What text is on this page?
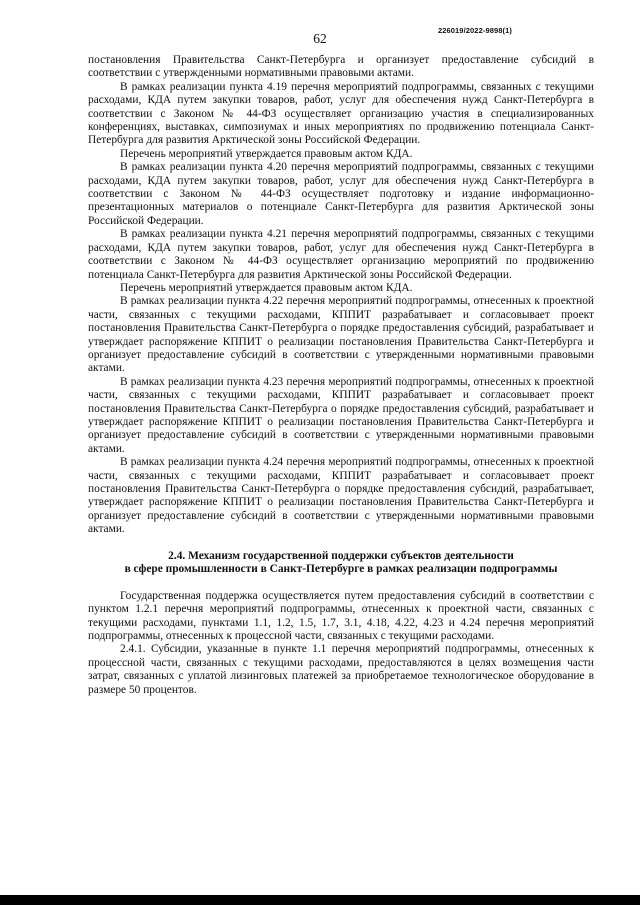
226019/2022-9898(1)
62

постановления Правительства Санкт-Петербурга и организует предоставление субсидий в соответствии с утвержденными нормативными правовыми актами.

В рамках реализации пункта 4.19 перечня мероприятий подпрограммы, связанных с текущими расходами, КДА путем закупки товаров, работ, услуг для обеспечения нужд Санкт-Петербурга в соответствии с Законом № 44-ФЗ осуществляет организацию участия в специализированных конференциях, выставках, симпозиумах и иных мероприятиях по продвижению потенциала Санкт-Петербурга для развития Арктической зоны Российской Федерации.

Перечень мероприятий утверждается правовым актом КДА.

В рамках реализации пункта 4.20 перечня мероприятий подпрограммы, связанных с текущими расходами, КДА путем закупки товаров, работ, услуг для обеспечения нужд Санкт-Петербурга в соответствии с Законом № 44-ФЗ осуществляет подготовку и издание информационно-презентационных материалов о потенциале Санкт-Петербурга для развития Арктической зоны Российской Федерации.

В рамках реализации пункта 4.21 перечня мероприятий подпрограммы, связанных с текущими расходами, КДА путем закупки товаров, работ, услуг для обеспечения нужд Санкт-Петербурга в соответствии с Законом № 44-ФЗ осуществляет организацию мероприятий по продвижению потенциала Санкт-Петербурга для развития Арктической зоны Российской Федерации.

Перечень мероприятий утверждается правовым актом КДА.

В рамках реализации пункта 4.22 перечня мероприятий подпрограммы, отнесенных к проектной части, связанных с текущими расходами, КППИТ разрабатывает и согласовывает проект постановления Правительства Санкт-Петербурга о порядке предоставления субсидий, разрабатывает и утверждает распоряжение КППИТ о реализации постановления Правительства Санкт-Петербурга и организует предоставление субсидий в соответствии с утвержденными нормативными правовыми актами.

В рамках реализации пункта 4.23 перечня мероприятий подпрограммы, отнесенных к проектной части, связанных с текущими расходами, КППИТ разрабатывает и согласовывает проект постановления Правительства Санкт-Петербурга о порядке предоставления субсидий, разрабатывает и утверждает распоряжение КППИТ о реализации постановления Правительства Санкт-Петербурга и организует предоставление субсидий в соответствии с утвержденными нормативными правовыми актами.

В рамках реализации пункта 4.24 перечня мероприятий подпрограммы, отнесенных к проектной части, связанных с текущими расходами, КППИТ разрабатывает и согласовывает проект постановления Правительства Санкт-Петербурга о порядке предоставления субсидий, разрабатывает, утверждает распоряжение КППИТ о реализации постановления Правительства Санкт-Петербурга и организует предоставление субсидий в соответствии с утвержденными нормативными правовыми актами.

2.4. Механизм государственной поддержки субъектов деятельности
в сфере промышленности в Санкт-Петербурге в рамках реализации подпрограммы

Государственная поддержка осуществляется путем предоставления субсидий в соответствии с пунктом 1.2.1 перечня мероприятий подпрограммы, отнесенных к проектной части, связанных с текущими расходами, пунктами 1.1, 1.2, 1.5, 1.7, 3.1, 4.18, 4.22, 4.23 и 4.24 перечня мероприятий подпрограммы, отнесенных к процессной части, связанных с текущими расходами.

2.4.1. Субсидии, указанные в пункте 1.1 перечня мероприятий подпрограммы, отнесенных к процессной части, связанных с текущими расходами, предоставляются в целях возмещения части затрат, связанных с уплатой лизинговых платежей за приобретаемое технологическое оборудование в размере 50 процентов.
